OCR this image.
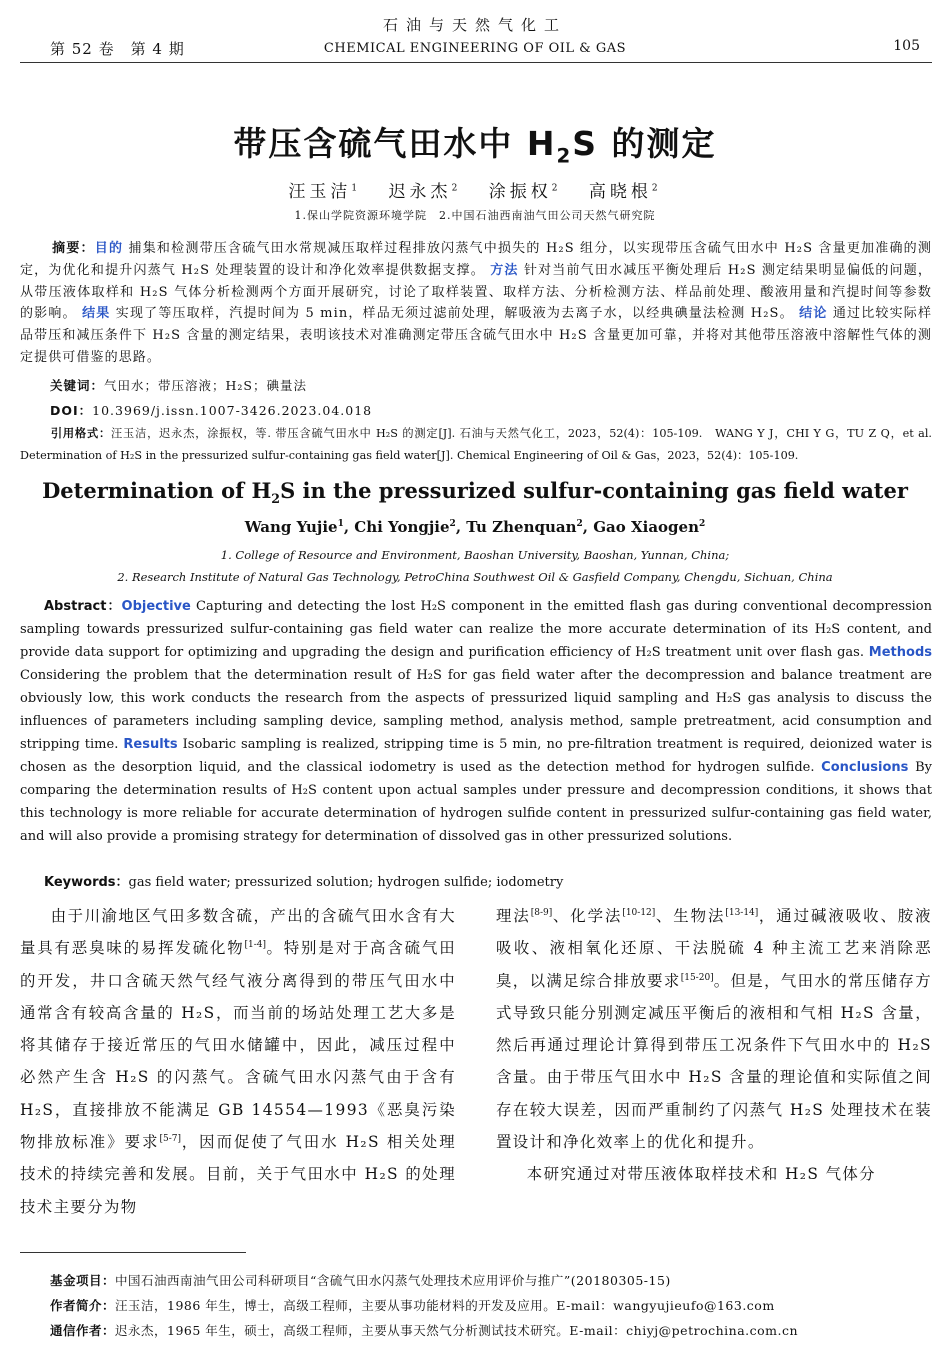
第 52 卷　第 4 期
石油与天然气化工
CHEMICAL ENGINEERING OF OIL & GAS	105
带压含硫气田水中 $H_2S$ 的测定
汪玉洁$^1$ 迟永杰$^2$ 涂振权$^2$ 高晓根$^2$
1.保山学院资源环境学院　2.中国石油西南油气田公司天然气研究院
摘要：目的 捕集和检测带压含硫气田水常规减压取样过程排放闪蒸气中损失的 H₂S 组分，以实现带压含硫气田水中 H₂S 含量更加准确的测定，为优化和提升闪蒸气 H₂S 处理装置的设计和净化效率提供数据支撑。 方法 针对当前气田水减压平衡处理后 H₂S 测定结果明显偏低的问题，从带压液体取样和 H₂S 气体分析检测两个方面开展研究，讨论了取样装置、取样方法、分析检测方法、样品前处理、酸液用量和汽提时间等参数的影响。 结果 实现了等压取样，汽提时间为 5 min，样品无须过滤前处理，解吸液为去离子水，以经典碘量法检测 H₂S。 结论 通过比较实际样品带压和减压条件下 H₂S 含量的测定结果，表明该技术对准确测定带压含硫气田水中 H₂S 含量更加可靠，并将对其他带压溶液中溶解性气体的测定提供可借鉴的思路。
关键词：气田水；带压溶液；H₂S；碘量法
DOI：10.3969/j.issn.1007-3426.2023.04.018
引用格式：汪玉洁，迟永杰，涂振权，等. 带压含硫气田水中 H₂S 的测定[J]. 石油与天然气化工，2023，52(4)：105-109.　WANG Y J，CHI Y G，TU Z Q，et al. Determination of H₂S in the pressurized sulfur-containing gas field water[J]. Chemical Engineering of Oil & Gas，2023，52(4)：105-109.
Determination of $H_2S$ in the pressurized sulfur-containing gas field water
Wang Yujie$^1$, Chi Yongjie$^2$, Tu Zhenquan$^2$, Gao Xiaogen$^2$
1. College of Resource and Environment, Baoshan University, Baoshan, Yunnan, China;
2. Research Institute of Natural Gas Technology, PetroChina Southwest Oil & Gasfield Company, Chengdu, Sichuan, China
Abstract：Objective Capturing and detecting the lost H₂S component in the emitted flash gas during conventional decompression sampling towards pressurized sulfur-containing gas field water can realize the more accurate determination of its H₂S content, and provide data support for optimizing and upgrading the design and purification efficiency of H₂S treatment unit over flash gas. Methods Considering the problem that the determination result of H₂S for gas field water after the decompression and balance treatment are obviously low, this work conducts the research from the aspects of pressurized liquid sampling and H₂S gas analysis to discuss the influences of parameters including sampling device, sampling method, analysis method, sample pretreatment, acid consumption and stripping time. Results Isobaric sampling is realized, stripping time is 5 min, no pre-filtration treatment is required, deionized water is chosen as the desorption liquid, and the classical iodometry is used as the detection method for hydrogen sulfide. Conclusions By comparing the determination results of H₂S content upon actual samples under pressure and decompression conditions, it shows that this technology is more reliable for accurate determination of hydrogen sulfide content in pressurized sulfur-containing gas field water, and will also provide a promising strategy for determination of dissolved gas in other pressurized solutions.
Keywords：gas field water; pressurized solution; hydrogen sulfide; iodometry

由于川渝地区气田多数含硫，产出的含硫气田水含有大量具有恶臭味的易挥发硫化物[1-4]。特别是对于高含硫气田的开发，井口含硫天然气经气液分离得到的带压气田水中通常含有较高含量的 H₂S，而当前的场站处理工艺大多是将其储存于接近常压的气田水储罐中，因此，减压过程中必然产生含 H₂S 的闪蒸气。含硫气田水闪蒸气由于含有 H₂S，直接排放不能满足 GB 14554—1993《恶臭污染物排放标准》要求[5-7]，因而促使了气田水 H₂S 相关处理技术的持续完善和发展。目前，关于气田水中 H₂S 的处理技术主要分为物

理法[8-9]、化学法[10-12]、生物法[13-14]，通过碱液吸收、胺液吸收、液相氧化还原、干法脱硫 4 种主流工艺来消除恶臭，以满足综合排放要求[15-20]。但是，气田水的常压储存方式导致只能分别测定减压平衡后的液相和气相 H₂S 含量，然后再通过理论计算得到带压工况条件下气田水中的 H₂S 含量。由于带压气田水中 H₂S 含量的理论值和实际值之间存在较大误差，因而严重制约了闪蒸气 H₂S 处理技术在装置设计和净化效率上的优化和提升。

本研究通过对带压液体取样技术和 H₂S 气体分

基金项目：中国石油西南油气田公司科研项目“含硫气田水闪蒸气处理技术应用评价与推广”(20180305-15)
作者简介：汪玉洁，1986 年生，博士，高级工程师，主要从事功能材料的开发及应用。E-mail：wangyujieufo@163.com
通信作者：迟永杰，1965 年生，硕士，高级工程师，主要从事天然气分析测试技术研究。E-mail：chiyj@petrochina.com.cn
